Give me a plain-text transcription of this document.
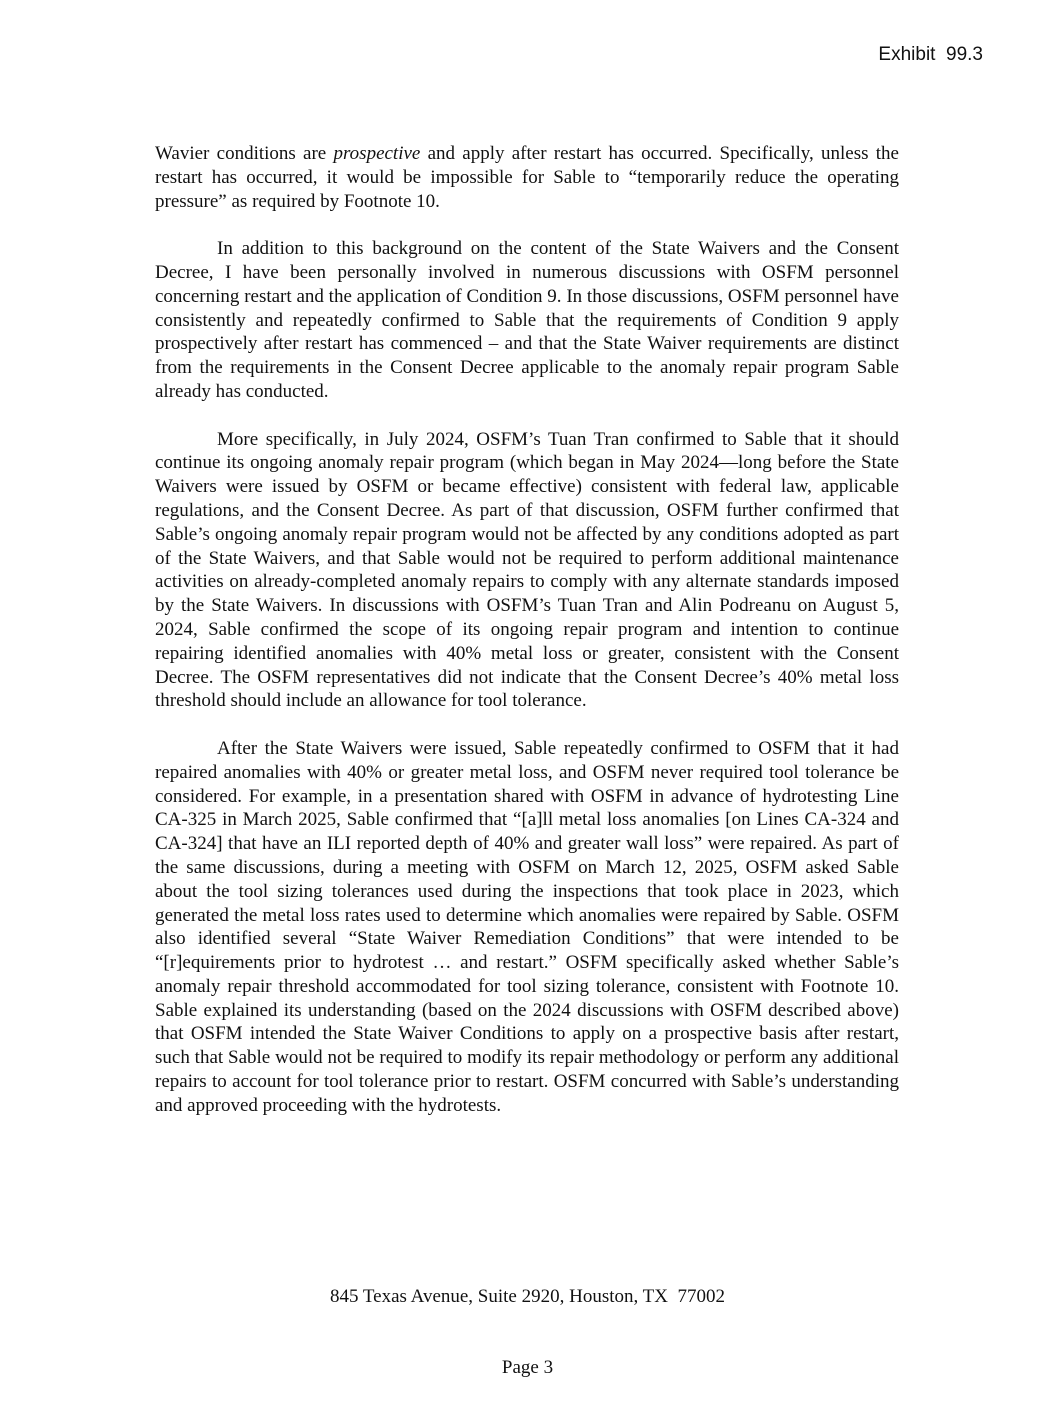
Exhibit  99.3

Wavier conditions are prospective and apply after restart has occurred. Specifically, unless the restart has occurred, it would be impossible for Sable to “temporarily reduce the operating pressure” as required by Footnote 10.

In addition to this background on the content of the State Waivers and the Consent Decree, I have been personally involved in numerous discussions with OSFM personnel concerning restart and the application of Condition 9. In those discussions, OSFM personnel have consistently and repeatedly confirmed to Sable that the requirements of Condition 9 apply prospectively after restart has commenced – and that the State Waiver requirements are distinct from the requirements in the Consent Decree applicable to the anomaly repair program Sable already has conducted.

More specifically, in July 2024, OSFM’s Tuan Tran confirmed to Sable that it should continue its ongoing anomaly repair program (which began in May 2024—long before the State Waivers were issued by OSFM or became effective) consistent with federal law, applicable regulations, and the Consent Decree. As part of that discussion, OSFM further confirmed that Sable’s ongoing anomaly repair program would not be affected by any conditions adopted as part of the State Waivers, and that Sable would not be required to perform additional maintenance activities on already-completed anomaly repairs to comply with any alternate standards imposed by the State Waivers. In discussions with OSFM’s Tuan Tran and Alin Podreanu on August 5, 2024, Sable confirmed the scope of its ongoing repair program and intention to continue repairing identified anomalies with 40% metal loss or greater, consistent with the Consent Decree. The OSFM representatives did not indicate that the Consent Decree’s 40% metal loss threshold should include an allowance for tool tolerance.

After the State Waivers were issued, Sable repeatedly confirmed to OSFM that it had repaired anomalies with 40% or greater metal loss, and OSFM never required tool tolerance be considered. For example, in a presentation shared with OSFM in advance of hydrotesting Line CA-325 in March 2025, Sable confirmed that “[a]ll metal loss anomalies [on Lines CA-324 and CA-324] that have an ILI reported depth of 40% and greater wall loss” were repaired. As part of the same discussions, during a meeting with OSFM on March 12, 2025, OSFM asked Sable about the tool sizing tolerances used during the inspections that took place in 2023, which generated the metal loss rates used to determine which anomalies were repaired by Sable. OSFM also identified several “State Waiver Remediation Conditions” that were intended to be “[r]equirements prior to hydrotest … and restart.” OSFM specifically asked whether Sable’s anomaly repair threshold accommodated for tool sizing tolerance, consistent with Footnote 10. Sable explained its understanding (based on the 2024 discussions with OSFM described above) that OSFM intended the State Waiver Conditions to apply on a prospective basis after restart, such that Sable would not be required to modify its repair methodology or perform any additional repairs to account for tool tolerance prior to restart. OSFM concurred with Sable’s understanding and approved proceeding with the hydrotests.

845 Texas Avenue, Suite 2920, Houston, TX  77002

Page 3
